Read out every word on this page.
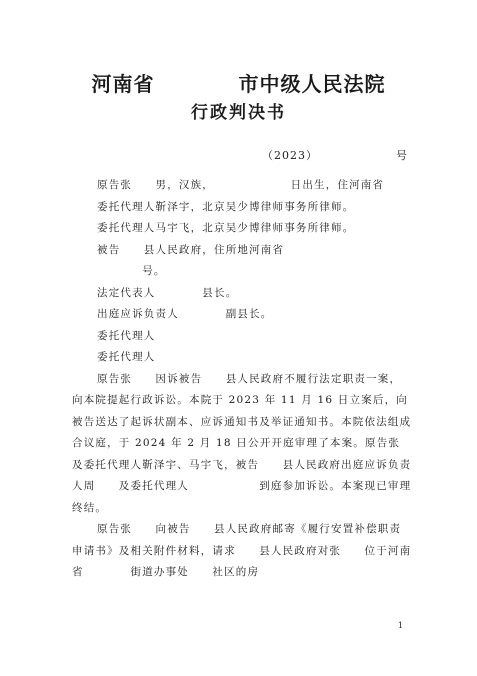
河南省　　　　市中级人民法院
行政判决书
（2023）	号

原告张　　男，汉族，　　　　　　　日出生，住河南省

委托代理人靳泽宇，北京吴少博律师事务所律师。

委托代理人马宇飞，北京吴少博律师事务所律师。

被告　　县人民政府，住所地河南省

　　　　　　号。

法定代表人　　　　县长。

出庭应诉负责人　　　　副县长。

委托代理人

委托代理人

原告张　　因诉被告　　县人民政府不履行法定职责一案，向本院提起行政诉讼。本院于 2023 年 11 月 16 日立案后，向被告送达了起诉状副本、应诉通知书及举证通知书。本院依法组成合议庭，于 2024 年 2 月 18 日公开开庭审理了本案。原告张　　及委托代理人靳泽宇、马宇飞，被告　　县人民政府出庭应诉负责人周　　及委托代理人　　　　　　到庭参加诉讼。本案现已审理终结。

原告张　　向被告　　县人民政府邮寄《履行安置补偿职责申请书》及相关附件材料，请求　　县人民政府对张　　位于河南省　　　　街道办事处　　社区的房

1
